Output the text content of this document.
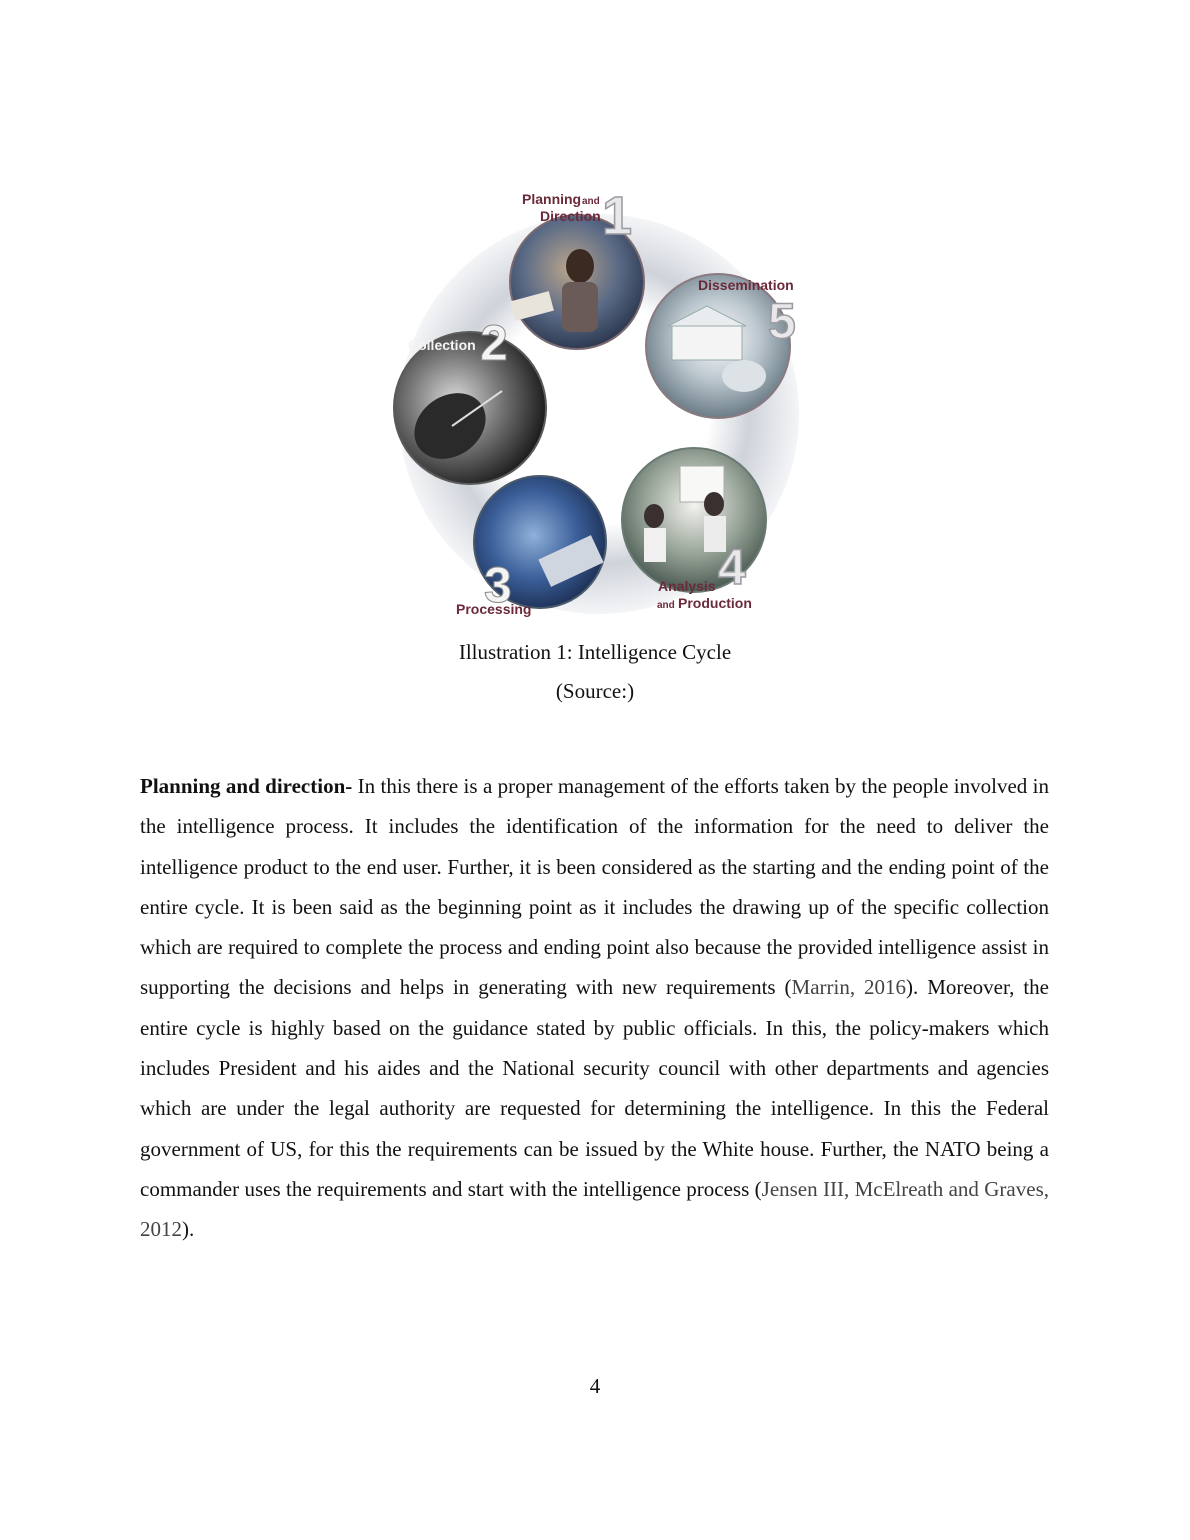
Planning and
Direction 1
Dissemination
5
Collection 2
3
Processing
4
Analysis
and Production
Illustration 1: Intelligence Cycle
(Source:)

Planning and direction- In this there is a proper management of the efforts taken by the people involved in the intelligence process. It includes the identification of the information for the need to deliver the intelligence product to the end user. Further, it is been considered as the starting and the ending point of the entire cycle. It is been said as the beginning point as it includes the drawing up of the specific collection which are required to complete the process and ending point also because the provided intelligence assist in supporting the decisions and helps in generating with new requirements (Marrin, 2016). Moreover, the entire cycle is highly based on the guidance stated by public officials. In this, the policy-makers which includes President and his aides and the National security council with other departments and agencies which are under the legal authority are requested for determining the intelligence. In this the Federal government of US, for this the requirements can be issued by the White house. Further, the NATO being a commander uses the requirements and start with the intelligence process (Jensen III, McElreath and Graves, 2012).

4
